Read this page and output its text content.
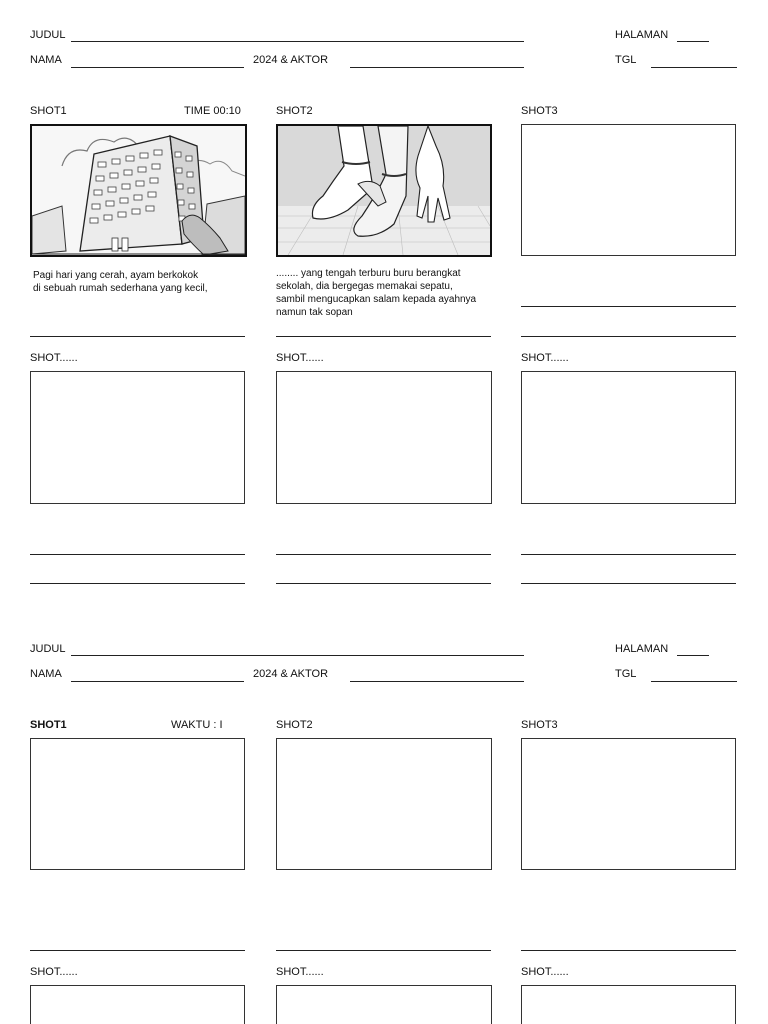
JUDUL	HALAMAN
NAMA	2024 & AKTOR	TGL
SHOT1	TIME 00:10	SHOT2	SHOT3
Pagi hari yang cerah, ayam berkokok
di sebuah rumah sederhana yang kecil,
........ yang tengah terburu buru berangkat
sekolah, dia bergegas memakai sepatu,
sambil mengucapkan salam kepada ayahnya
namun tak sopan
SHOT......	SHOT......	SHOT......
JUDUL	HALAMAN
NAMA	2024 & AKTOR	TGL
SHOT1	WAKTU : I	SHOT2	SHOT3
SHOT......	SHOT......	SHOT......
